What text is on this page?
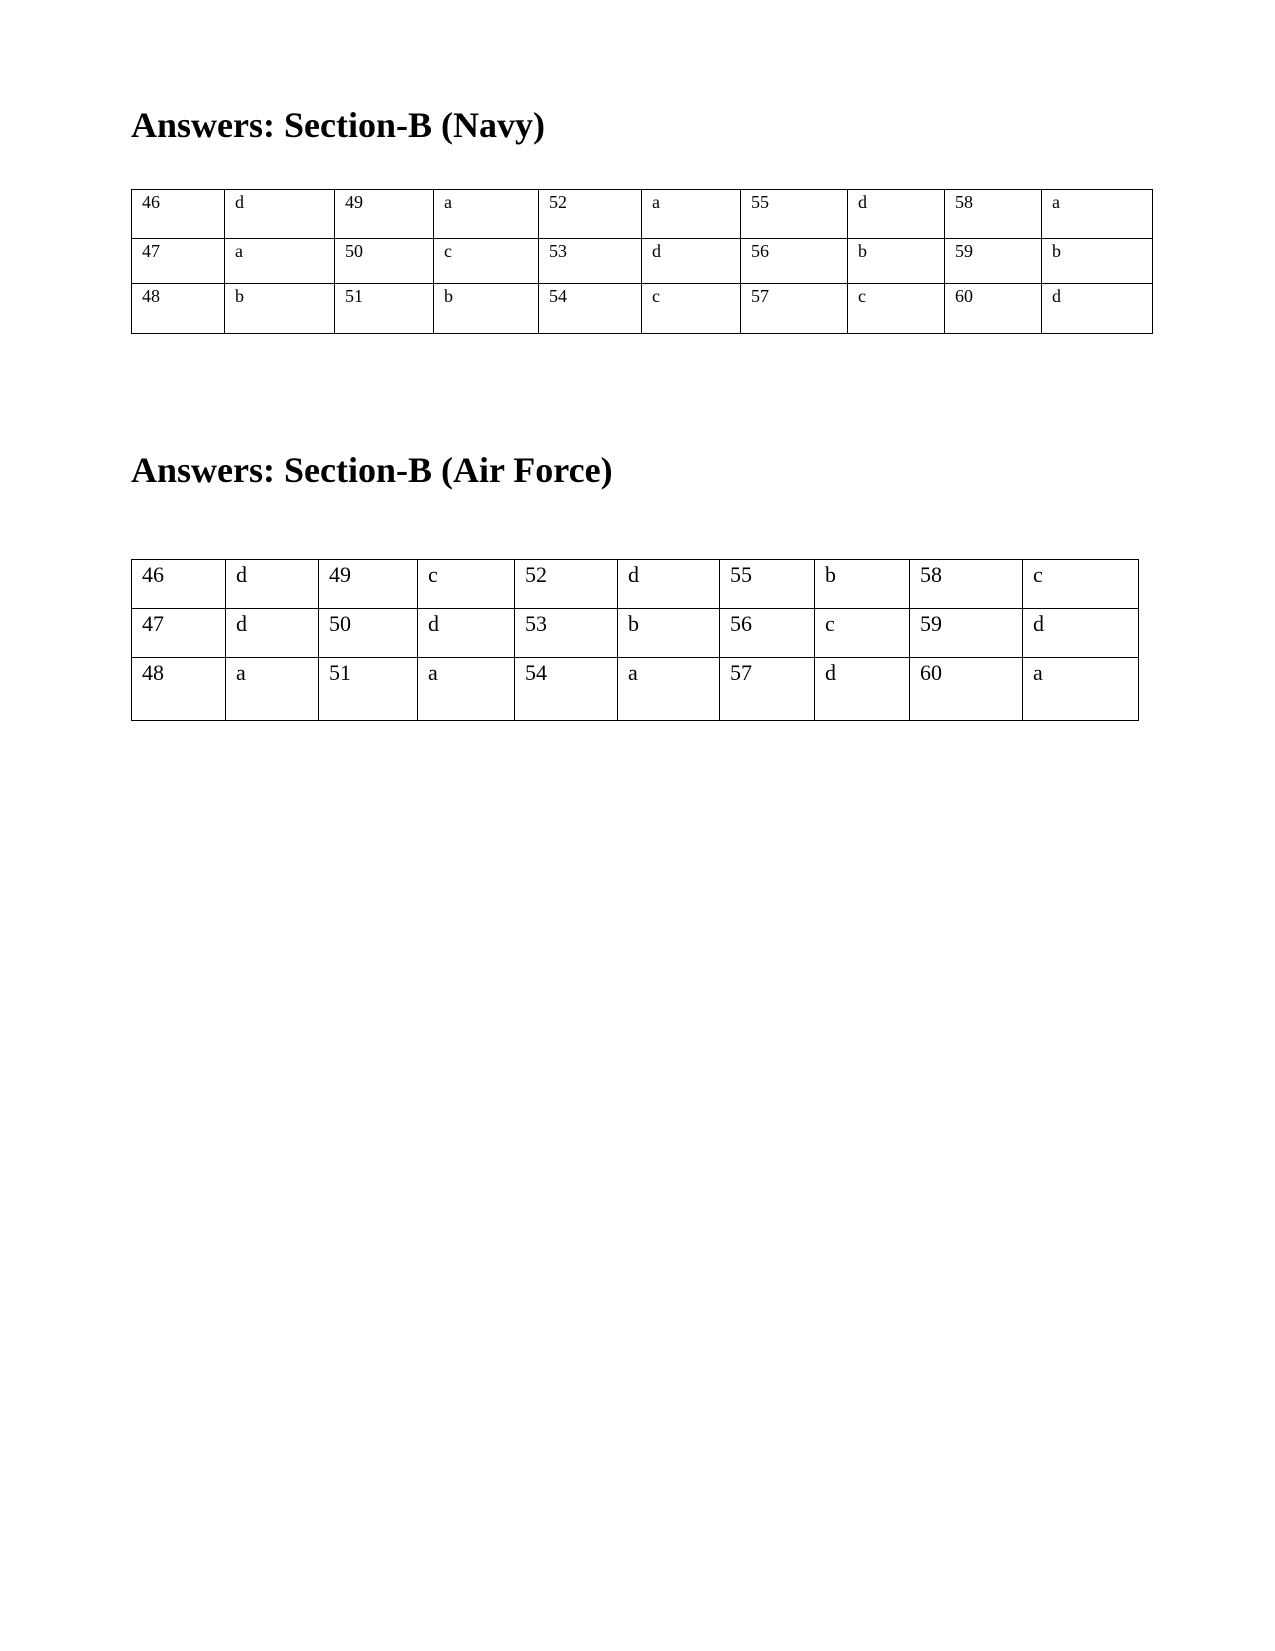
Answers: Section-B (Navy)
46	d	49	a	52	a	55	d	58	a
47	a	50	c	53	d	56	b	59	b
48	b	51	b	54	c	57	c	60	d
Answers: Section-B (Air Force)
46	d	49	c	52	d	55	b	58	c
47	d	50	d	53	b	56	c	59	d
48	a	51	a	54	a	57	d	60	a
